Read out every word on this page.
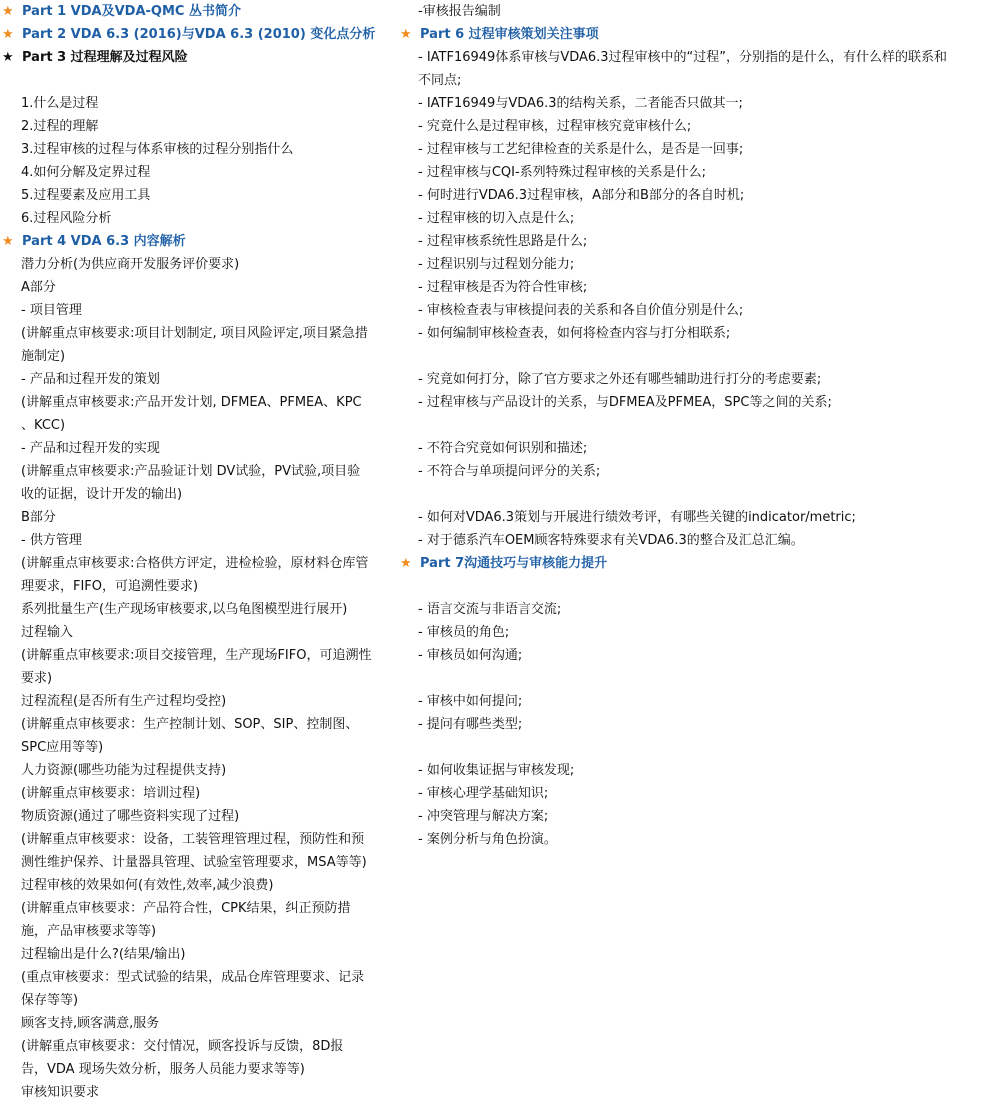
★ Part 1 VDA及VDA-QMC 丛书简介
★ Part 2 VDA 6.3 (2016)与VDA 6.3 (2010) 变化点分析
★ Part 3 过程理解及过程风险
1.什么是过程
2.过程的理解
3.过程审核的过程与体系审核的过程分别指什么
4.如何分解及定界过程
5.过程要素及应用工具
6.过程风险分析
★ Part 4 VDA 6.3 内容解析
潜力分析(为供应商开发服务评价要求)
A部分
- 项目管理
(讲解重点审核要求:项目计划制定, 项目风险评定,项目紧急措
施制定)
- 产品和过程开发的策划
(讲解重点审核要求:产品开发计划, DFMEA、PFMEA、KPC
、KCC)
- 产品和过程开发的实现
(讲解重点审核要求:产品验证计划 DV试验，PV试验,项目验
收的证据，设计开发的输出)
B部分
- 供方管理
(讲解重点审核要求:合格供方评定，进检检验，原材料仓库管
理要求，FIFO，可追溯性要求)
系列批量生产(生产现场审核要求,以乌龟图模型进行展开)
过程输入
(讲解重点审核要求:项目交接管理，生产现场FIFO，可追溯性
要求)
过程流程(是否所有生产过程均受控)
(讲解重点审核要求：生产控制计划、SOP、SIP、控制图、
SPC应用等等)
人力资源(哪些功能为过程提供支持)
(讲解重点审核要求：培训过程)
物质资源(通过了哪些资料实现了过程)
(讲解重点审核要求：设备，工装管理管理过程，预防性和预
测性维护保养、计量器具管理、试验室管理要求，MSA等等)
过程审核的效果如何(有效性,效率,减少浪费)
(讲解重点审核要求：产品符合性，CPK结果，纠正预防措
施，产品审核要求等等)
过程输出是什么?(结果/输出)
(重点审核要求：型式试验的结果，成品仓库管理要求、记录
保存等等)
顾客支持,顾客满意,服务
(讲解重点审核要求：交付情况，顾客投诉与反馈，8D报
告，VDA 现场失效分析，服务人员能力要求等等)
审核知识要求
-审核报告编制
★ Part 6 过程审核策划关注事项
- IATF16949体系审核与VDA6.3过程审核中的“过程”，分别指的是什么，有什么样的联系和
不同点;
- IATF16949与VDA6.3的结构关系，二者能否只做其一;
- 究竟什么是过程审核，过程审核究竟审核什么;
- 过程审核与工艺纪律检查的关系是什么，是否是一回事;
- 过程审核与CQI-系列特殊过程审核的关系是什么;
- 何时进行VDA6.3过程审核，A部分和B部分的各自时机;
- 过程审核的切入点是什么;
- 过程审核系统性思路是什么;
- 过程识别与过程划分能力;
- 过程审核是否为符合性审核;
- 审核检查表与审核提问表的关系和各自价值分别是什么;
- 如何编制审核检查表，如何将检查内容与打分相联系;
- 究竟如何打分，除了官方要求之外还有哪些辅助进行打分的考虑要素;
- 过程审核与产品设计的关系，与DFMEA及PFMEA，SPC等之间的关系;
- 不符合究竟如何识别和描述;
- 不符合与单项提问评分的关系;
- 如何对VDA6.3策划与开展进行绩效考评，有哪些关键的indicator/metric;
- 对于德系汽车OEM顾客特殊要求有关VDA6.3的整合及汇总汇编。
★ Part 7沟通技巧与审核能力提升
- 语言交流与非语言交流;
- 审核员的角色;
- 审核员如何沟通;
- 审核中如何提问;
- 提问有哪些类型;
- 如何收集证据与审核发现;
- 审核心理学基础知识;
- 冲突管理与解决方案;
- 案例分析与角色扮演。
